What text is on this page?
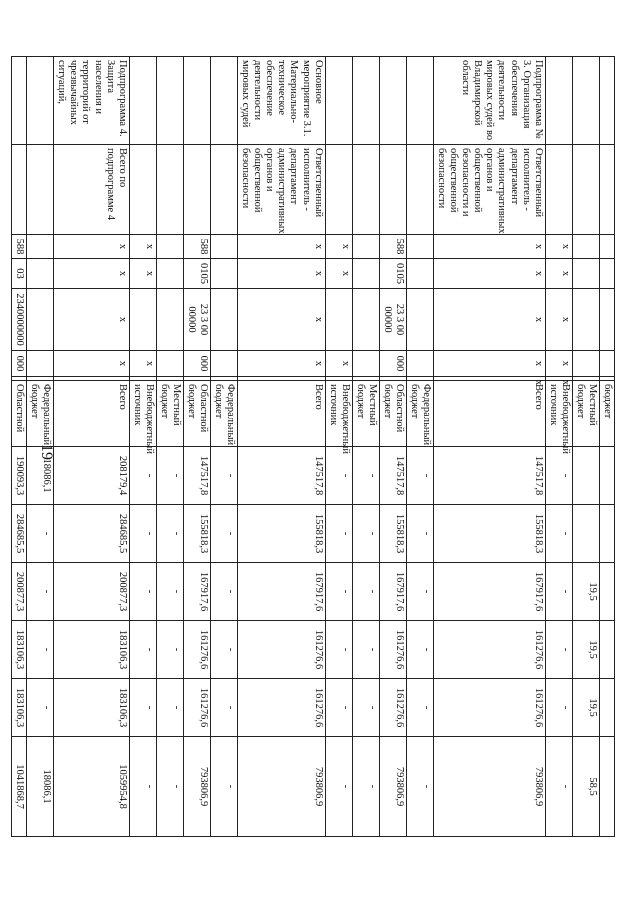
19
							бюджет						
							Местный бюджет			19,5	19,5	19,5	58,5
		x	x	x	x	x	Внебюджетный источник	-	-	-	-	-	-
Подпрограмма № 3. Организация обеспечения деятельности мировых судей во Владимирской области	Ответственный исполнитель - департамент административных органов и общественной безопасности и общественной безопасности	x	x	x	x	x	Всего	147517,8	155818,3	167917,6	161276,6	161276,6	793806,9
							Федеральный бюджет	-	-	-	-	-	-
		588	0105	23 3 00 00000	000		Областной бюджет	147517,8	155818,3	167917,6	161276,6	161276,6	793806,9
							Местный бюджет	-	-	-	-	-	-
		x	x		x		Внебюджетный источник	-	-	-	-	-	-
Основное мероприятие 3.1. Материально-техническое обеспечение деятельности мировых судей	Ответственный исполнитель - департамент административных органов и общественной безопасности	x	x	x	x		Всего	147517,8	155818,3	167917,6	161276,6	161276,6	793806,9
							Федеральный бюджет	-	-	-	-	-	-
		588	0105	23 3 00 00000	000		Областной бюджет	147517,8	155818,3	167917,6	161276,6	161276,6	793806,9
							Местный бюджет	-	-	-	-	-	-
		x	x		x		Внебюджетный источник	-	-	-	-	-	-
Подпрограмма 4. Защита населения и территорий от чрезвычайных ситуаций,	Всего по подпрограмме 4	x	x	x	x		Всего	208179,4	284685,5	200877,3	183106,3	183106,3	1059954,8
							Федеральный бюджет	18086,1	-	-	-	-	18086,1
		588	03	2340000000	000		Областной	190093,3	284685,5	200877,3	183106,3	183106,3	1041868,7
